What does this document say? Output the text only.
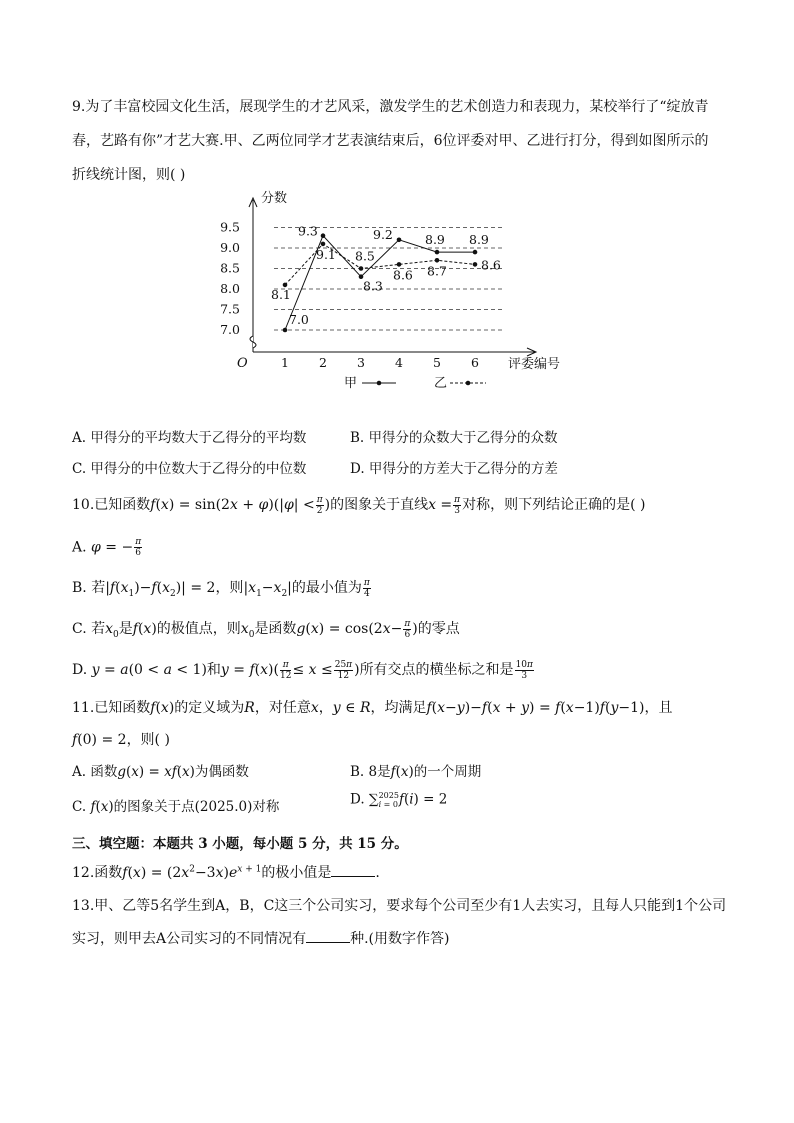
9.为了丰富校园文化生活，展现学生的才艺风采，激发学生的艺术创造力和表现力，某校举行了“绽放青
春，艺路有你”才艺大赛.甲、乙两位同学才艺表演结束后，6位评委对甲、乙进行打分，得到如图所示的
折线统计图，则( )
分数
评委编号
O
7.0
7.5
8.0
8.5
9.0
9.5
1 2 3 4 5 6
7.0
9.3
8.3
9.2	8.9 8.9
8.1
9.1 8.5
8.6 8.7	8.6
甲	乙
A. 甲得分的平均数大于乙得分的平均数	B. 甲得分的众数大于乙得分的众数
C. 甲得分的中位数大于乙得分的中位数	D. 甲得分的方差大于乙得分的方差
10.已知函数$f(x) = \sin(2x + \varphi)(|\varphi| < \frac{\pi}{2}$ )的图象关于直线$x = \frac{\pi}{3}$ 对称，则下列结论正确的是( )
A. φ = − $\frac{\pi}{6}$
B. 若$|f(x_1)-f(x_2)| = 2$，则$|x_1-x_2|$的最小值为 $\frac{\pi}{4}$
C. 若$x_0$是f(x)的极值点，则$x_0$是函数$g(x) = \cos(2x- \frac{\pi}{6}$ )的零点
D. y = a(0 < a < 1)和$y = f(x)( \frac{\pi}{12} \le x \le \frac{25\pi}{12}$ )所有交点的横坐标之和是 $\frac{10\pi}{3}$
11.已知函数f(x)的定义域为R，对任意x，y ∈ R，均满足f(x−y)−f(x + y) = f(x−1)f(y−1)，且
f(0) = 2，则( )
A. 函数g(x) = xf(x)为偶函数	B. 8是f(x)的一个周期
C. f(x)的图象关于点(2025.0)对称	D. ∑ 2025
i = 0 f(i) = 2
三、填空题：本题共 3 小题，每小题 5 分，共 15 分。
12.函数$f(x) = (2x^2-3x)e^{x + 1}$的极小值是	.
13.甲、乙等5名学生到A，B，C这三个公司实习，要求每个公司至少有1人去实习，且每人只能到1个公司
实习，则甲去A公司实习的不同情况有	种.(用数字作答)
